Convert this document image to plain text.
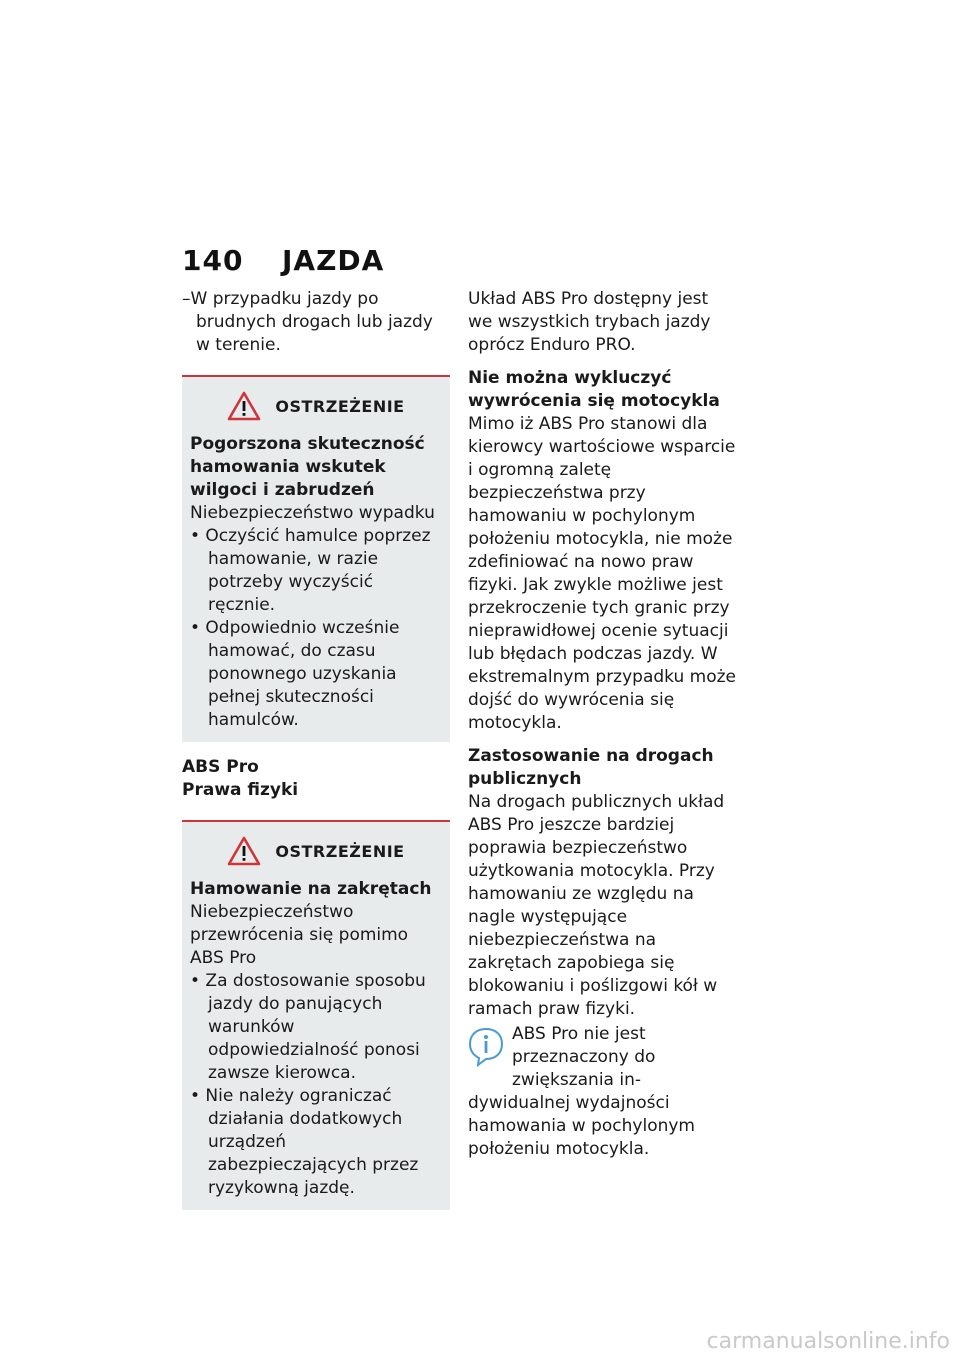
140 JAZDA

–W przypadku jazdy po brudnych drogach lub jazdy w terenie.

OSTRZEŻENIE

Pogorszona skuteczność hamowania wskutek wilgoci i zabrudzeń

Niebezpieczeństwo wypadku

• Oczyścić hamulce poprzez hamowanie, w razie potrzeby wyczyścić ręcznie.

• Odpowiednio wcześnie hamować, do czasu ponownego uzyskania pełnej skuteczności hamulców.

ABS Pro

Prawa fizyki

OSTRZEŻENIE

Hamowanie na zakrętach

Niebezpieczeństwo przewrócenia się pomimo ABS Pro

• Za dostosowanie sposobu jazdy do panujących warunków odpowiedzialność ponosi zawsze kierowca.

• Nie należy ograniczać działania dodatkowych urządzeń zabezpieczających przez ryzykowną jazdę.

Układ ABS Pro dostępny jest we wszystkich trybach jazdy oprócz Enduro PRO.

Nie można wykluczyć wywrócenia się motocykla

Mimo iż ABS Pro stanowi dla kierowcy wartościowe wsparcie i ogromną zaletę bezpieczeństwa przy hamowaniu w pochylonym położeniu motocykla, nie może zdefiniować na nowo praw fizyki. Jak zwykle możliwe jest przekroczenie tych granic przy nieprawidłowej ocenie sytuacji lub błędach podczas jazdy. W ekstremalnym przypadku może dojść do wywrócenia się motocykla.

Zastosowanie na drogach publicznych

Na drogach publicznych układ ABS Pro jeszcze bardziej poprawia bezpieczeństwo użytkowania motocykla. Przy hamowaniu ze względu na nagle występujące niebezpieczeństwa na zakrętach zapobiega się blokowaniu i poślizgowi kół w ramach praw fizyki.

ABS Pro nie jest przeznaczony do zwiększania in-

dywidualnej wydajności hamowania w pochylonym położeniu motocykla.

carmanualsonline.info
